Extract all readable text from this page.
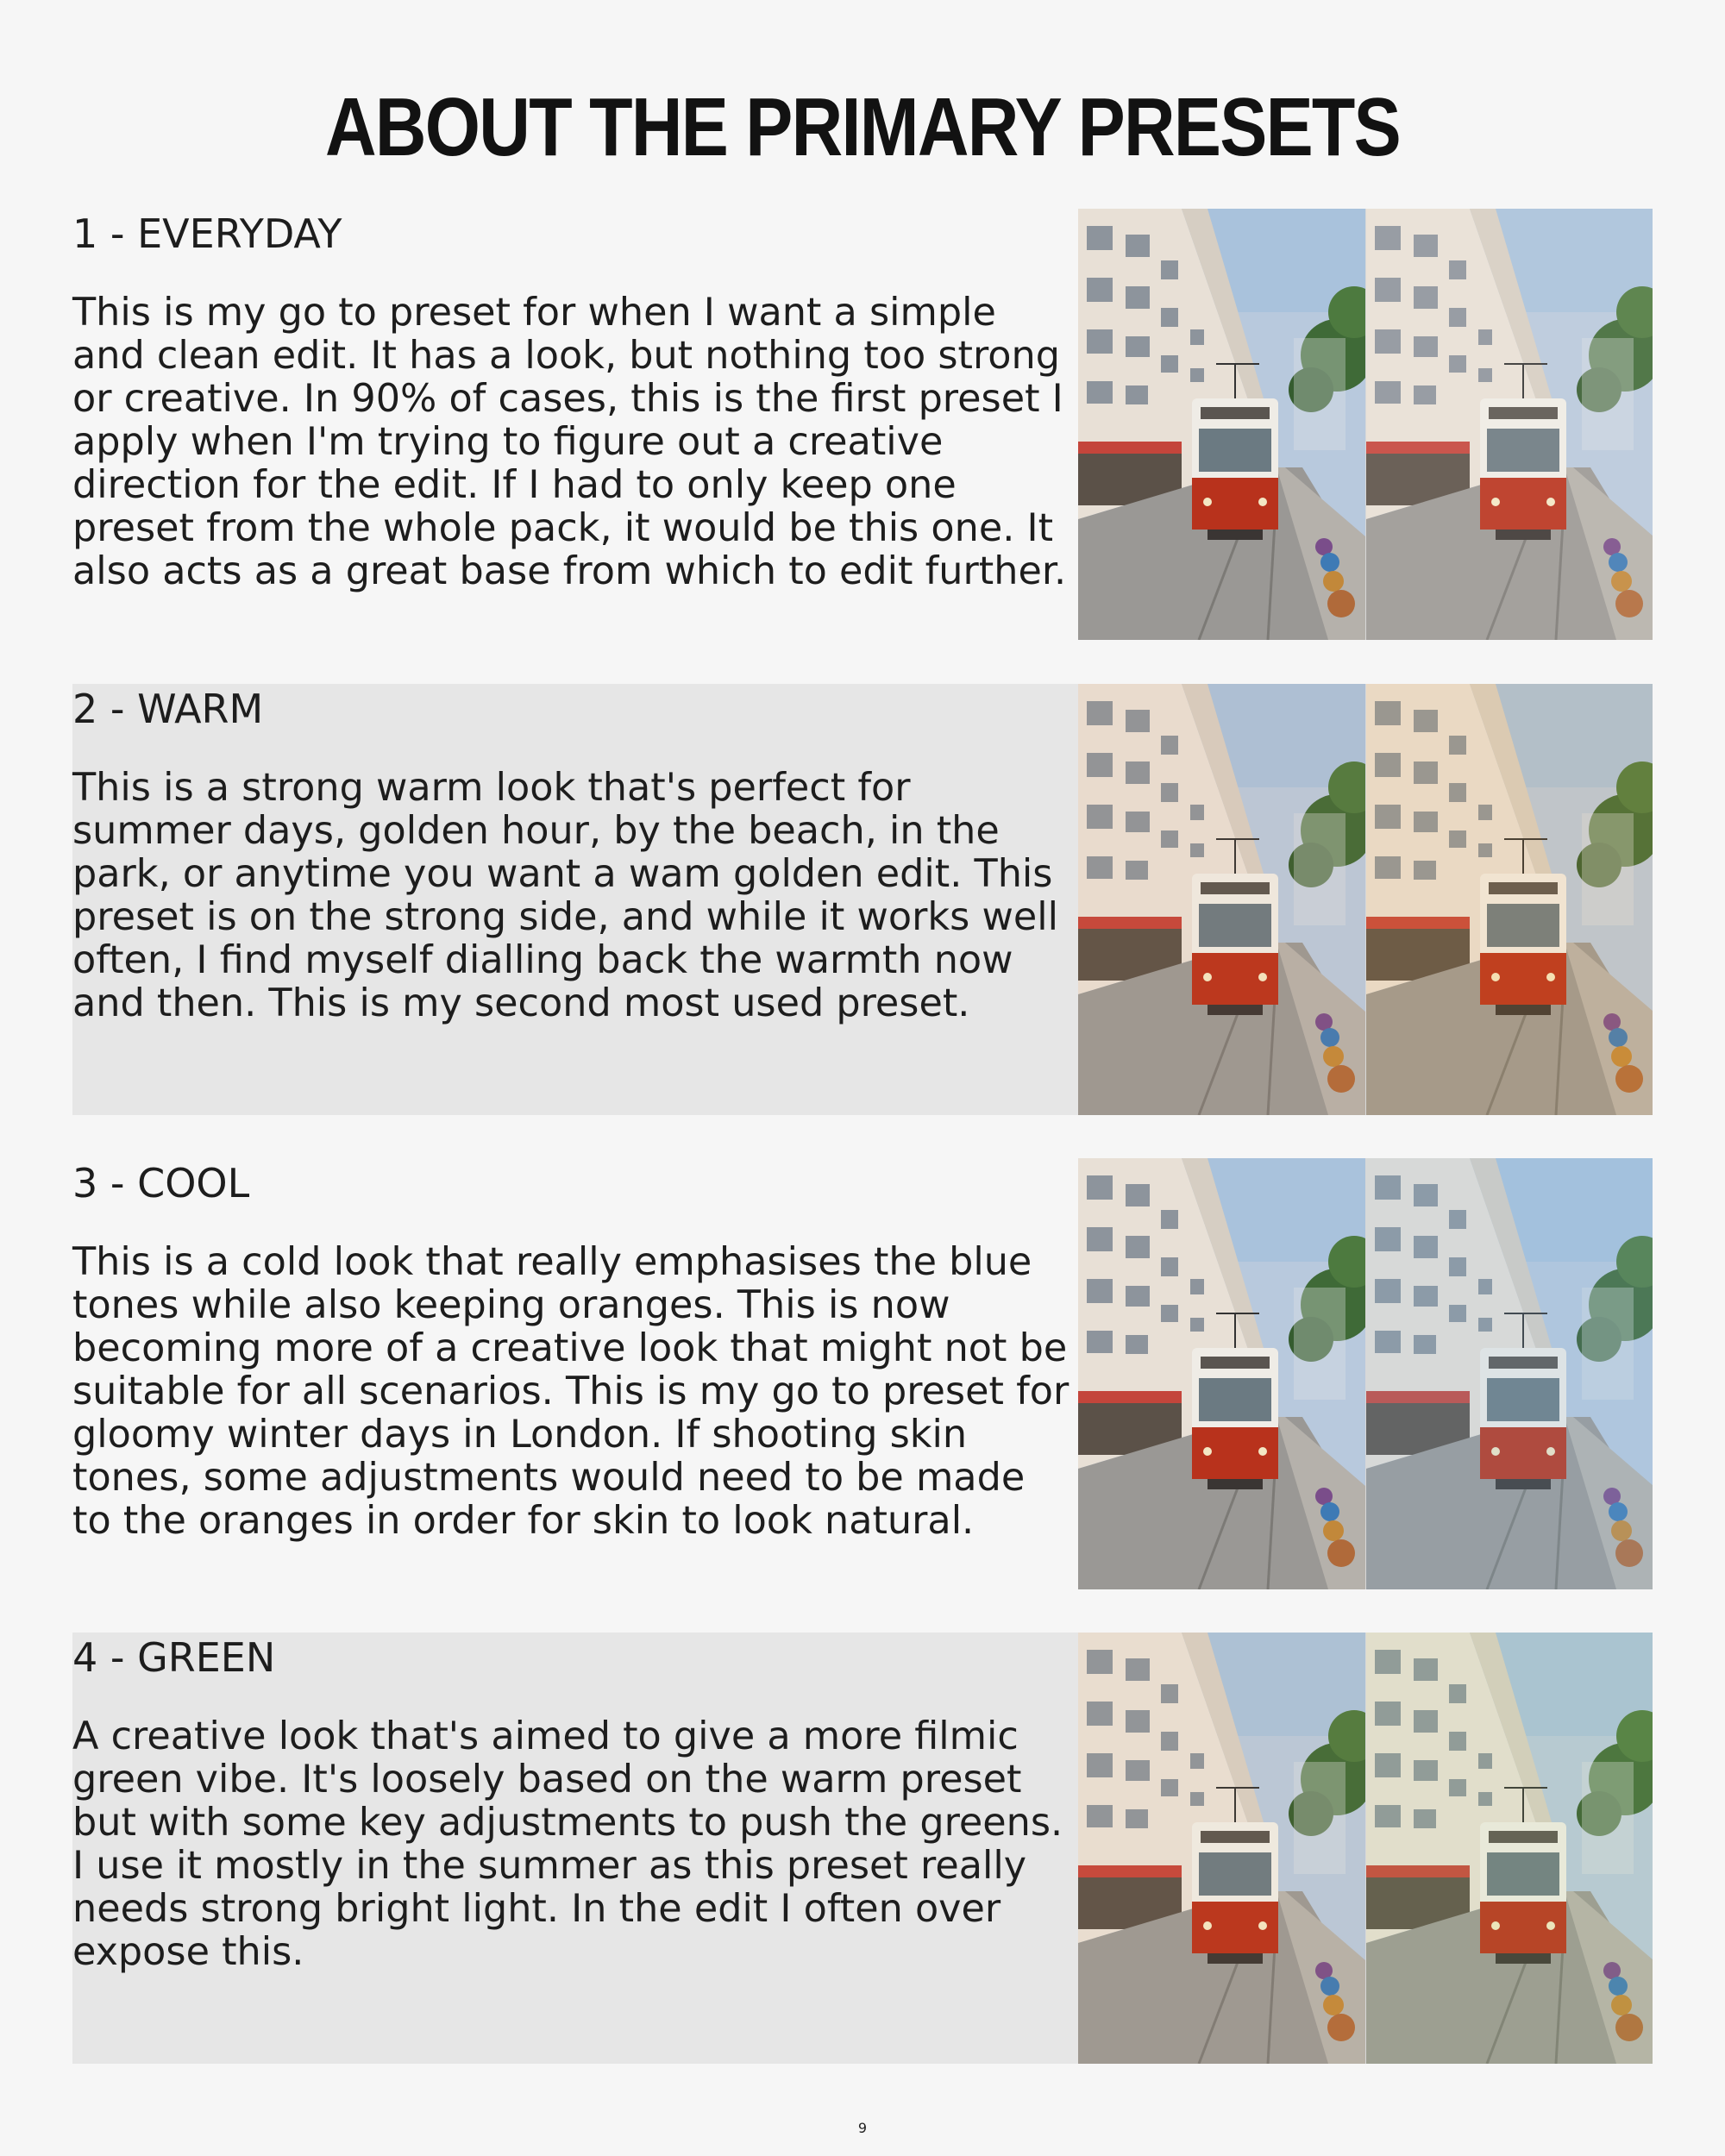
ABOUT THE PRIMARY PRESETS
1 - EVERYDAY

This is my go to preset for when I want a simple and clean edit. It has a look, but nothing too strong or creative. In 90% of cases, this is the first preset I apply when I'm trying to figure out a creative direction for the edit. If I had to only keep one preset from the whole pack, it would be this one. It also acts as a great base from which to edit further.

2 - WARM

This is a strong warm look that's perfect for summer days, golden hour, by the beach, in the park, or anytime you want a wam golden edit. This preset is on the strong side, and while it works well often, I find myself dialling back the warmth now and then. This is my second most used preset.

3 - COOL

This is a cold look that really emphasises the blue tones while also keeping oranges. This is now becoming more of a creative look that might not be suitable for all scenarios. This is my go to preset for gloomy winter days in London. If shooting skin tones, some adjustments would need to be made to the oranges in order for skin to look natural.

4 - GREEN

A creative look that's aimed to give a more filmic green vibe. It's loosely based on the warm preset but with some key adjustments to push the greens. I use it mostly in the summer as this preset really needs strong bright light. In the edit I often over expose this.

9
